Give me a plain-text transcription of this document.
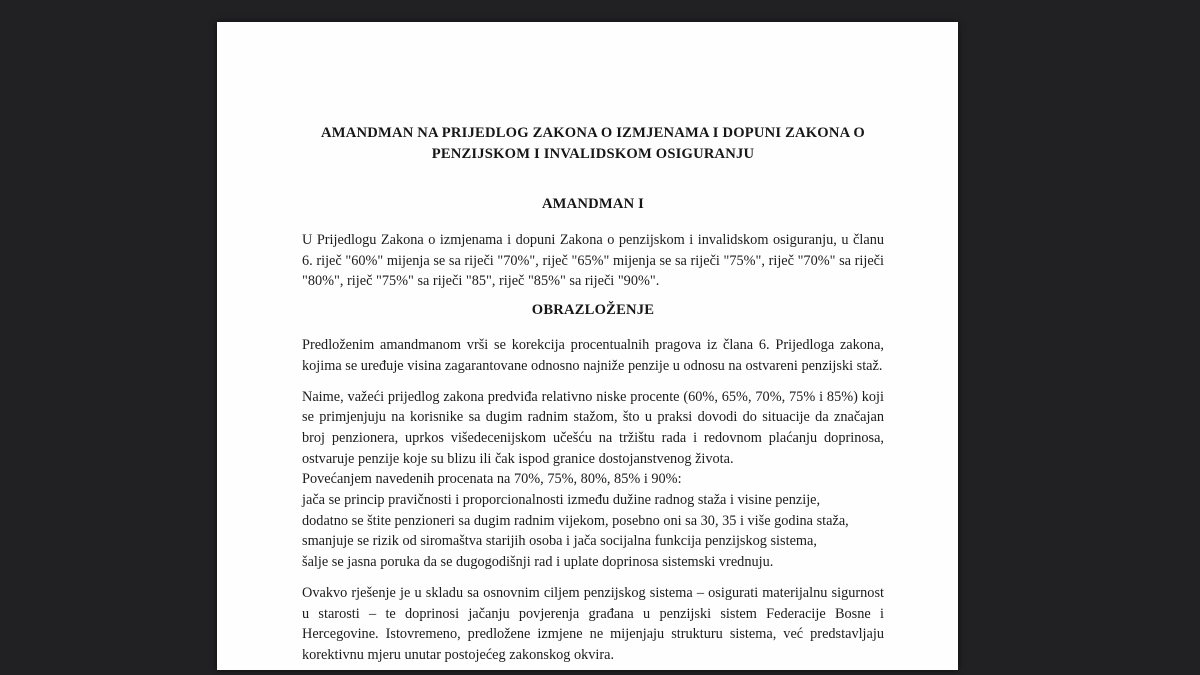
AMANDMAN NA PRIJEDLOG ZAKONA O IZMJENAMA I DOPUNI ZAKONA O
PENZIJSKOM I INVALIDSKOM OSIGURANJU
AMANDMAN I

U Prijedlogu Zakona o izmjenama i dopuni Zakona o penzijskom i invalidskom osiguranju, u članu 6. riječ "60%" mijenja se sa riječi "70%", riječ "65%" mijenja se sa riječi "75%", riječ "70%" sa riječi "80%", riječ "75%" sa riječi "85", riječ "85%" sa riječi "90%".

OBRAZLOŽENJE

Predloženim amandmanom vrši se korekcija procentualnih pragova iz člana 6. Prijedloga zakona, kojima se uređuje visina zagarantovane odnosno najniže penzije u odnosu na ostvareni penzijski staž.

Naime, važeći prijedlog zakona predviđa relativno niske procente (60%, 65%, 70%, 75% i 85%) koji se primjenjuju na korisnike sa dugim radnim stažom, što u praksi dovodi do situacije da značajan broj penzionera, uprkos višedecenijskom učešću na tržištu rada i redovnom plaćanju doprinosa, ostvaruje penzije koje su blizu ili čak ispod granice dostojanstvenog života.

Povećanjem navedenih procenata na 70%, 75%, 80%, 85% i 90%:
jača se princip pravičnosti i proporcionalnosti između dužine radnog staža i visine penzije,
dodatno se štite penzioneri sa dugim radnim vijekom, posebno oni sa 30, 35 i više godina staža,
smanjuje se rizik od siromaštva starijih osoba i jača socijalna funkcija penzijskog sistema,
šalje se jasna poruka da se dugogodišnji rad i uplate doprinosa sistemski vrednuju.

Ovakvo rješenje je u skladu sa osnovnim ciljem penzijskog sistema – osigurati materijalnu sigurnost u starosti – te doprinosi jačanju povjerenja građana u penzijski sistem Federacije Bosne i Hercegovine. Istovremeno, predložene izmjene ne mijenjaju strukturu sistema, već predstavljaju korektivnu mjeru unutar postojećeg zakonskog okvira.
